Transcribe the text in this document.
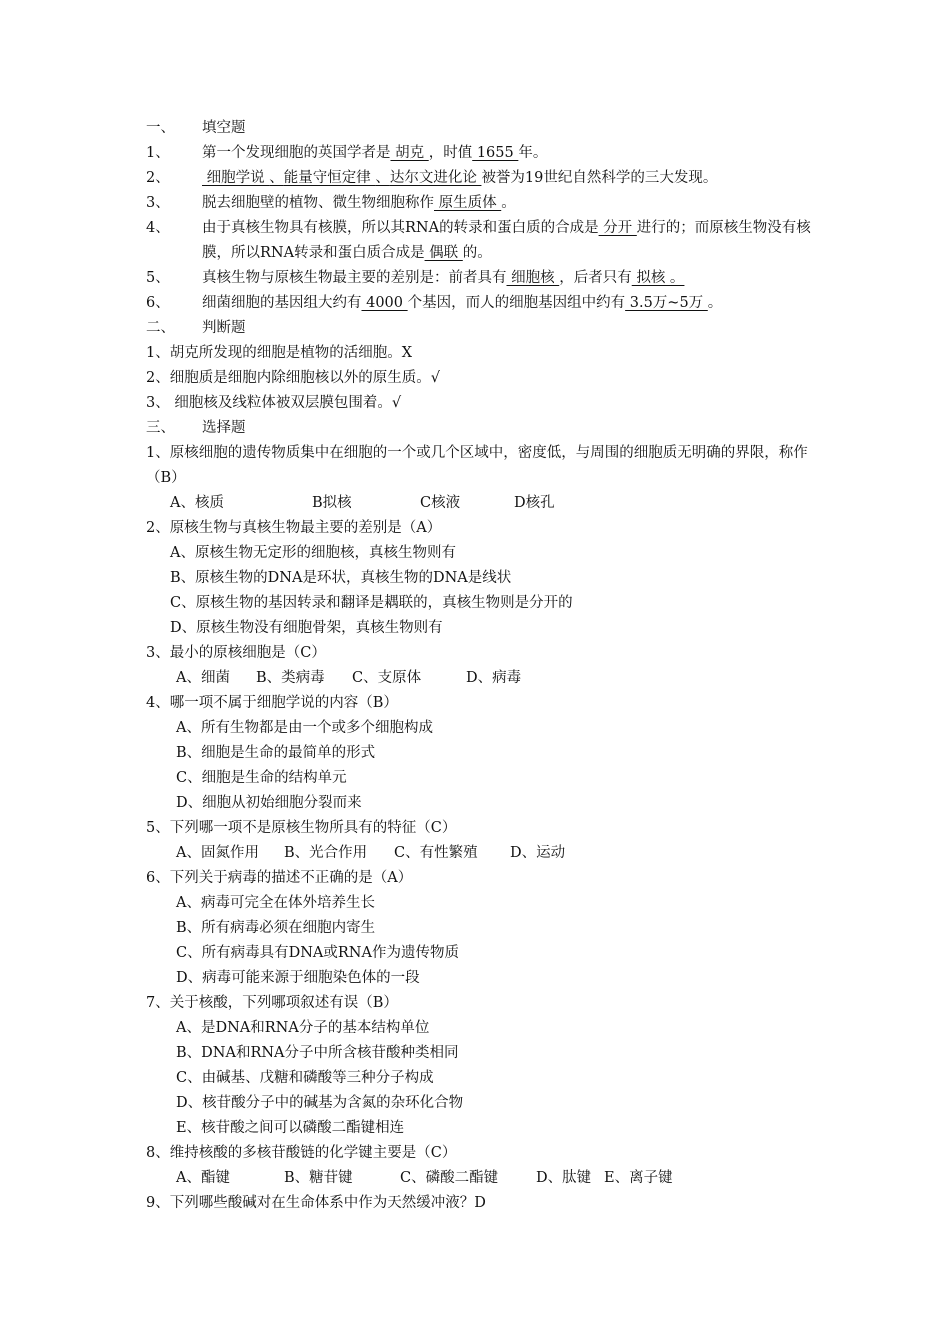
一、 填空题
1、 第一个发现细胞的英国学者是 胡克 ，时值 1655 年。
2、 细胞学说 、能量守恒定律 、达尔文进化论 被誉为19世纪自然科学的三大发现。
3、 脱去细胞壁的植物、微生物细胞称作 原生质体 。
4、	由于真核生物具有核膜，所以其RNA的转录和蛋白质的合成是 分开 进行的；而原核生物没有核膜，所以RNA转录和蛋白质合成是 偶联 的。
5、 真核生物与原核生物最主要的差别是：前者具有 细胞核 ，后者只有 拟核 。
6、 细菌细胞的基因组大约有 4000 个基因，而人的细胞基因组中约有 3.5万~5万 。
二、 判断题
1、胡克所发现的细胞是植物的活细胞。X
2、细胞质是细胞内除细胞核以外的原生质。√
3、 细胞核及线粒体被双层膜包围着。√
三、 选择题
1、原核细胞的遗传物质集中在细胞的一个或几个区域中，密度低，与周围的细胞质无明确的界限，称作（B）
A、核质	B拟核	C核液	D核孔
2、原核生物与真核生物最主要的差别是（A）
A、原核生物无定形的细胞核，真核生物则有
B、原核生物的DNA是环状，真核生物的DNA是线状
C、原核生物的基因转录和翻译是耦联的，真核生物则是分开的
D、原核生物没有细胞骨架，真核生物则有
3、最小的原核细胞是（C）
A、细菌 B、类病毒 C、支原体	D、病毒
4、哪一项不属于细胞学说的内容（B）
A、所有生物都是由一个或多个细胞构成
B、细胞是生命的最简单的形式
C、细胞是生命的结构单元
D、细胞从初始细胞分裂而来
5、下列哪一项不是原核生物所具有的特征（C）
A、固氮作用 B、光合作用 C、有性繁殖 D、运动
6、下列关于病毒的描述不正确的是（A）
A、病毒可完全在体外培养生长
B、所有病毒必须在细胞内寄生
C、所有病毒具有DNA或RNA作为遗传物质
D、病毒可能来源于细胞染色体的一段
7、关于核酸，下列哪项叙述有误（B）
A、是DNA和RNA分子的基本结构单位
B、DNA和RNA分子中所含核苷酸种类相同
C、由碱基、戊糖和磷酸等三种分子构成
D、核苷酸分子中的碱基为含氮的杂环化合物
E、核苷酸之间可以磷酸二酯键相连
8、维持核酸的多核苷酸链的化学键主要是（C）
A、酯键	B、糖苷键	C、磷酸二酯键	D、肽键 E、离子键
9、下列哪些酸碱对在生命体系中作为天然缓冲液？D
